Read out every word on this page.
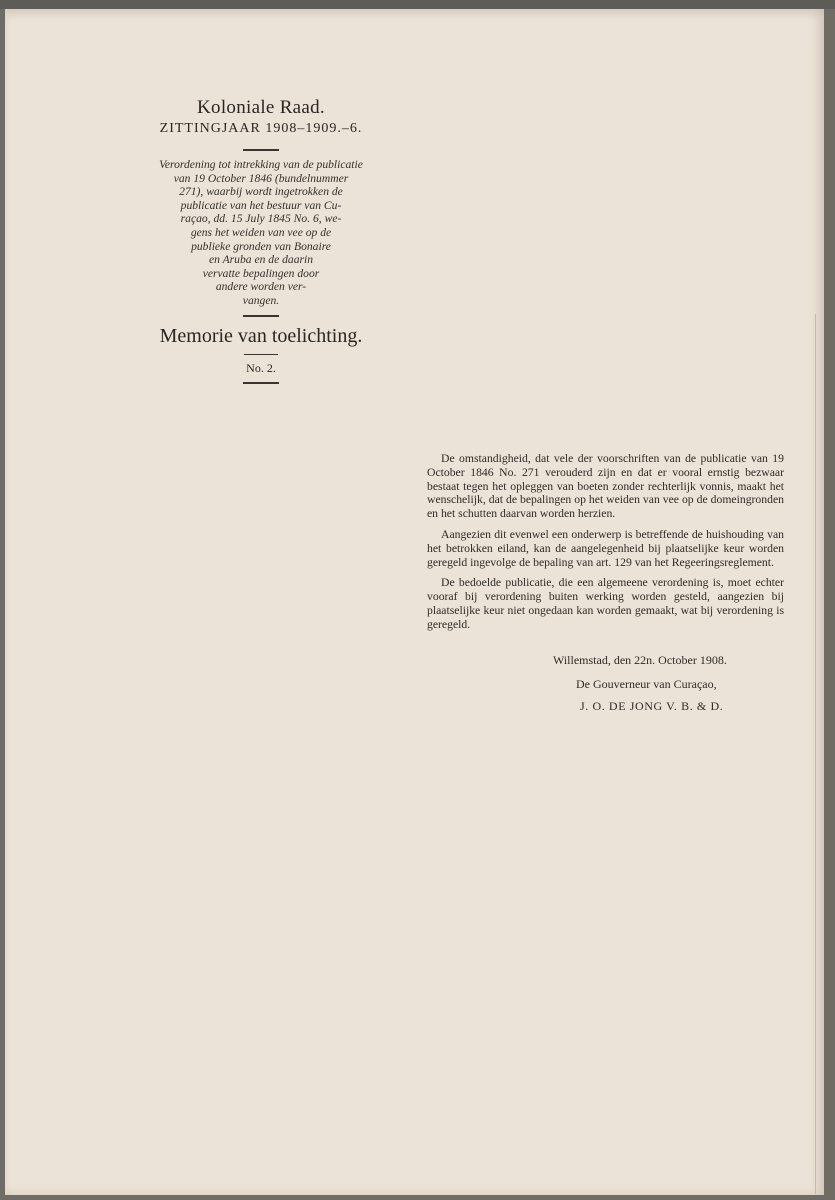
Koloniale Raad.

ZITTINGJAAR 1908–1909.–6.

Verordening tot intrekking van de publicatie

van 19 October 1846 (bundelnummer

271), waarbij wordt ingetrokken de

publicatie van het bestuur van Cu-

raçao, dd. 15 July 1845 No. 6, we-

gens het weiden van vee op de

publieke gronden van Bonaire

en Aruba en de daarin

vervatte bepalingen door

andere worden ver-

vangen.

Memorie van toelichting.

No. 2.

De omstandigheid, dat vele der voorschriften van de publicatie van 19 October 1846 No. 271 verouderd zijn en dat er vooral ernstig bezwaar bestaat tegen het opleggen van boeten zonder rechterlijk vonnis, maakt het wenschelijk, dat de bepalingen op het weiden van vee op de domeingronden en het schutten daarvan worden herzien.

Aangezien dit evenwel een onderwerp is betreffende de huishouding van het betrokken eiland, kan de aangelegenheid bij plaatselijke keur worden geregeld ingevolge de bepaling van art. 129 van het Regeeringsreglement.

De bedoelde publicatie, die een algemeene verordening is, moet echter vooraf bij verordening buiten werking worden gesteld, aangezien bij plaatselijke keur niet ongedaan kan worden gemaakt, wat bij verordening is geregeld.

Willemstad, den 22n. October 1908.
De Gouverneur van Curaçao,
J. O. DE JONG V. B. & D.
